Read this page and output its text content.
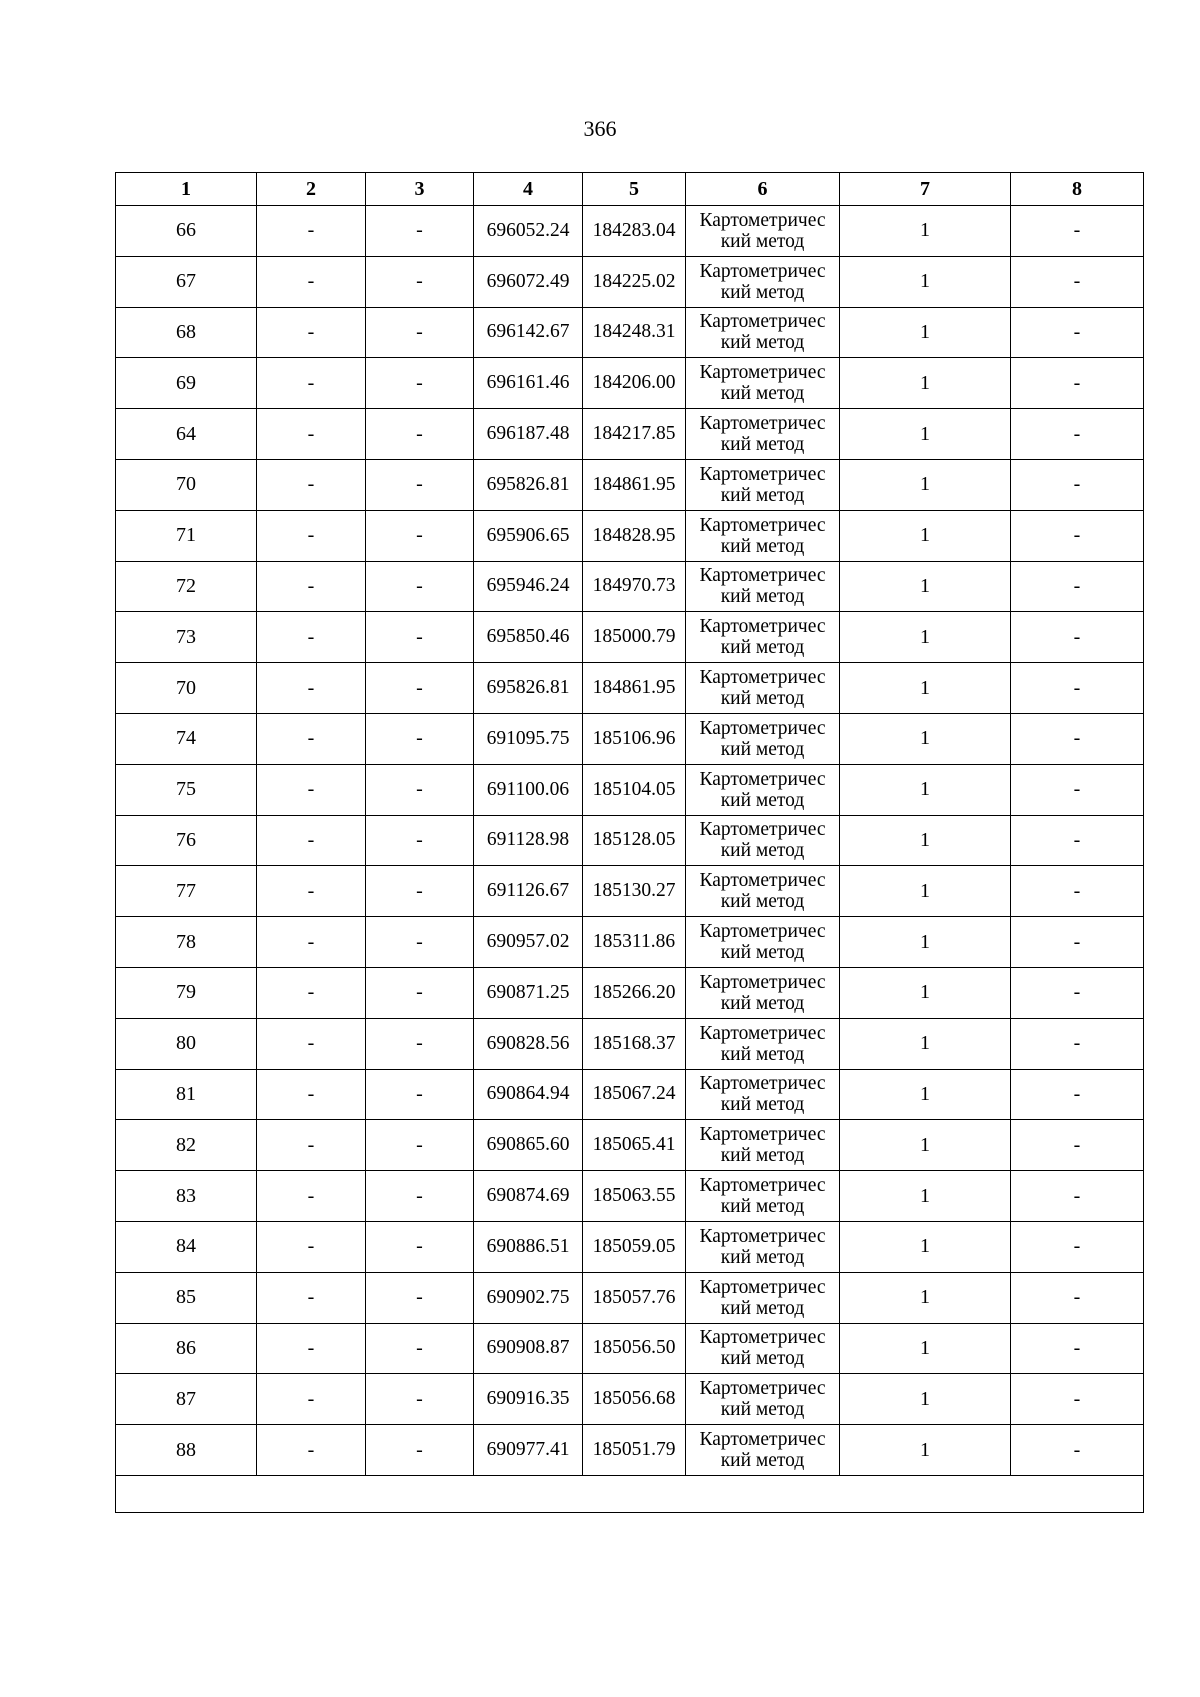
366
1	2	3	4	5	6	7	8
66	-	-	696052.24	184283.04	Картометричес кий метод	1	-
67	-	-	696072.49	184225.02	Картометричес кий метод	1	-
68	-	-	696142.67	184248.31	Картометричес кий метод	1	-
69	-	-	696161.46	184206.00	Картометричес кий метод	1	-
64	-	-	696187.48	184217.85	Картометричес кий метод	1	-
70	-	-	695826.81	184861.95	Картометричес кий метод	1	-
71	-	-	695906.65	184828.95	Картометричес кий метод	1	-
72	-	-	695946.24	184970.73	Картометричес кий метод	1	-
73	-	-	695850.46	185000.79	Картометричес кий метод	1	-
70	-	-	695826.81	184861.95	Картометричес кий метод	1	-
74	-	-	691095.75	185106.96	Картометричес кий метод	1	-
75	-	-	691100.06	185104.05	Картометричес кий метод	1	-
76	-	-	691128.98	185128.05	Картометричес кий метод	1	-
77	-	-	691126.67	185130.27	Картометричес кий метод	1	-
78	-	-	690957.02	185311.86	Картометричес кий метод	1	-
79	-	-	690871.25	185266.20	Картометричес кий метод	1	-
80	-	-	690828.56	185168.37	Картометричес кий метод	1	-
81	-	-	690864.94	185067.24	Картометричес кий метод	1	-
82	-	-	690865.60	185065.41	Картометричес кий метод	1	-
83	-	-	690874.69	185063.55	Картометричес кий метод	1	-
84	-	-	690886.51	185059.05	Картометричес кий метод	1	-
85	-	-	690902.75	185057.76	Картометричес кий метод	1	-
86	-	-	690908.87	185056.50	Картометричес кий метод	1	-
87	-	-	690916.35	185056.68	Картометричес кий метод	1	-
88	-	-	690977.41	185051.79	Картометричес кий метод	1	-
